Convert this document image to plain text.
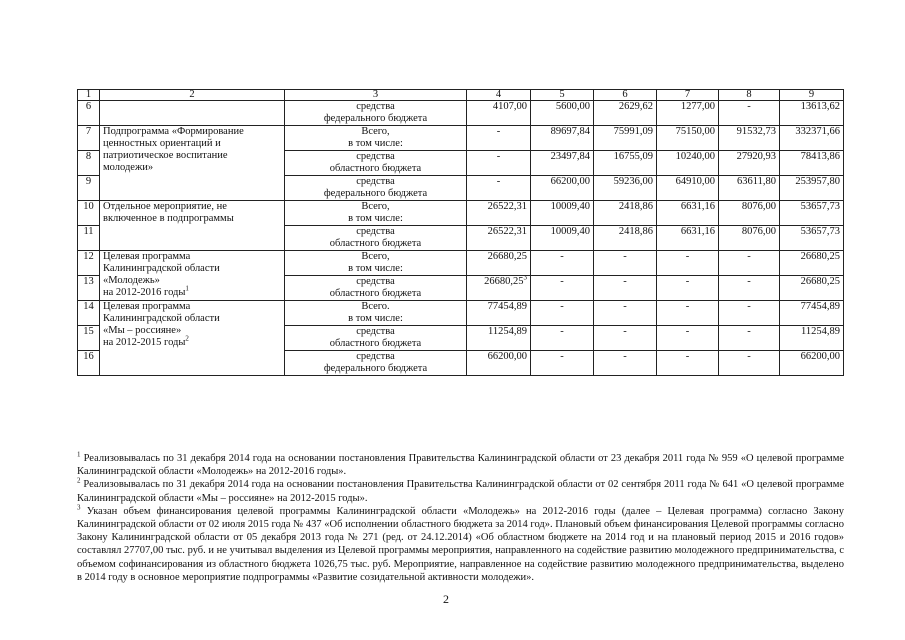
1	2	3	4	5	6	7	8	9
6		средства
федерального бюджета	4107,00	5600,00	2629,62	1277,00	-	13613,62
7	Подпрограмма «Формирование
ценностных ориентаций и
патриотическое воспитание
молодежи»	Всего,
в том числе:	-	89697,84	75991,09	75150,00	91532,73	332371,66
8		средства
областного бюджета	-	23497,84	16755,09	10240,00	27920,93	78413,86
9		средства
федерального бюджета	-	66200,00	59236,00	64910,00	63611,80	253957,80
10	Отдельное мероприятие, не
включенное в подпрограммы	Всего,
в том числе:	26522,31	10009,40	2418,86	6631,16	8076,00	53657,73
11		средства
областного бюджета	26522,31	10009,40	2418,86	6631,16	8076,00	53657,73
12	Целевая программа
Калининградской области
«Молодежь»
на 2012-2016 годы$^1$	Всего,
в том числе:	26680,25	-	-	-	-	26680,25
13		средства
областного бюджета	26680,25$^3$	-	-	-	-	26680,25
14	Целевая программа
Калининградской области
«Мы – россияне»
на 2012-2015 годы$^2$	Всего.
в том числе:	77454,89	-	-	-	-	77454,89
15		средства
областного бюджета	11254,89	-	-	-	-	11254,89
16		средства
федерального бюджета	66200,00	-	-	-	-	66200,00

$^1$ Реализовывалась по 31 декабря 2014 года на основании постановления Правительства Калининградской области от 23 декабря 2011 года № 959 «О целевой программе Калининградской области «Молодежь» на 2012-2016 годы».

$^2$ Реализовывалась по 31 декабря 2014 года на основании постановления Правительства Калининградской области от 02 сентября 2011 года № 641 «О целевой программе Калининградской области «Мы – россияне» на 2012-2015 годы».

$^3$ Указан объем финансирования целевой программы Калининградской области «Молодежь» на 2012-2016 годы (далее – Целевая программа) согласно Закону Калининградской области от 02 июля 2015 года № 437 «Об исполнении областного бюджета за 2014 год». Плановый объем финансирования Целевой программы согласно Закону Калининградской области от 05 декабря 2013 года № 271 (ред. от 24.12.2014) «Об областном бюджете на 2014 год и на плановый период 2015 и 2016 годов» составлял 27707,00 тыс. руб. и не учитывал выделения из Целевой программы мероприятия, направленного на содействие развитию молодежного предпринимательства, с объемом софинансирования из областного бюджета 1026,75 тыс. руб. Мероприятие, направленное на содействие развитию молодежного предпринимательства, выделено в 2014 году в основное мероприятие подпрограммы «Развитие созидательной активности молодежи».

2
